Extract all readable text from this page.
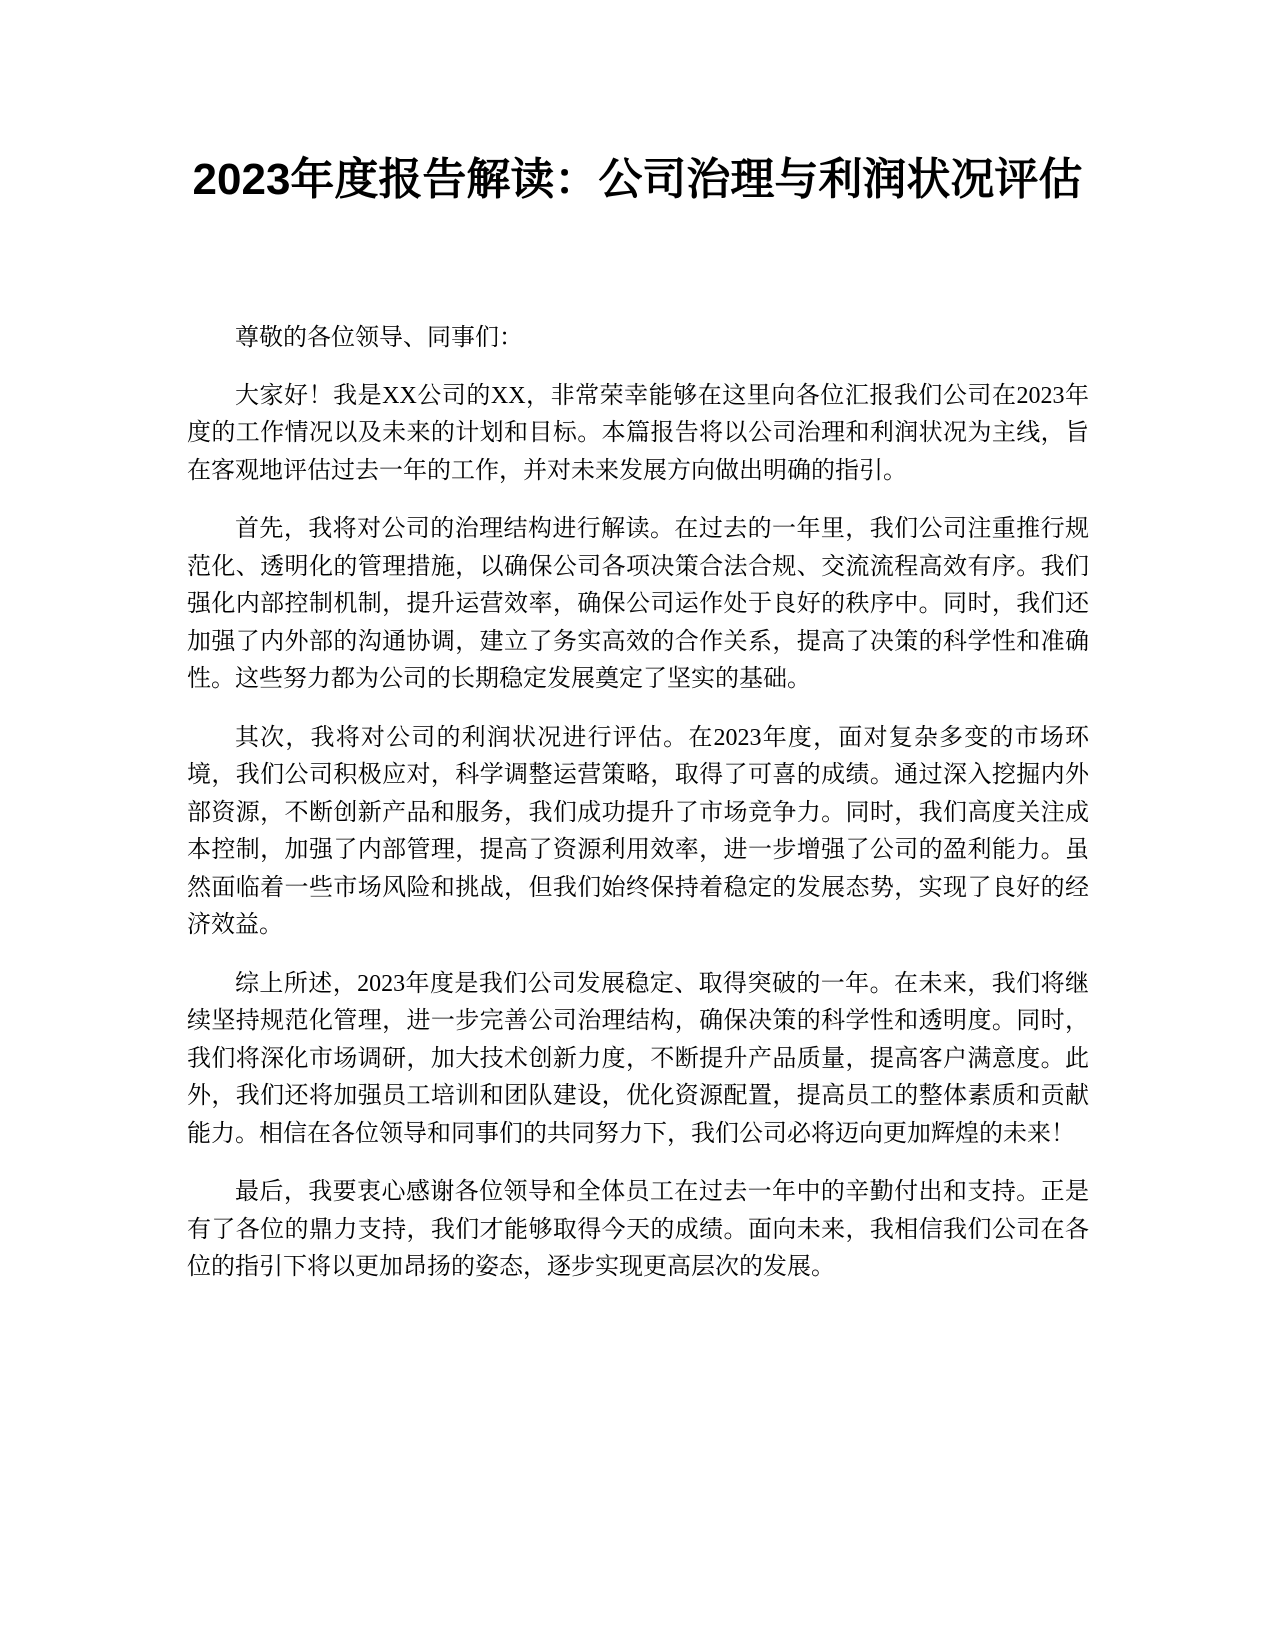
2023年度报告解读：公司治理与利润状况评估

尊敬的各位领导、同事们：

大家好！我是XX公司的XX，非常荣幸能够在这里向各位汇报我们公司在2023年度的工作情况以及未来的计划和目标。本篇报告将以公司治理和利润状况为主线，旨在客观地评估过去一年的工作，并对未来发展方向做出明确的指引。

首先，我将对公司的治理结构进行解读。在过去的一年里，我们公司注重推行规范化、透明化的管理措施，以确保公司各项决策合法合规、交流流程高效有序。我们强化内部控制机制，提升运营效率，确保公司运作处于良好的秩序中。同时，我们还加强了内外部的沟通协调，建立了务实高效的合作关系，提高了决策的科学性和准确性。这些努力都为公司的长期稳定发展奠定了坚实的基础。

其次，我将对公司的利润状况进行评估。在2023年度，面对复杂多变的市场环境，我们公司积极应对，科学调整运营策略，取得了可喜的成绩。通过深入挖掘内外部资源，不断创新产品和服务，我们成功提升了市场竞争力。同时，我们高度关注成本控制，加强了内部管理，提高了资源利用效率，进一步增强了公司的盈利能力。虽然面临着一些市场风险和挑战，但我们始终保持着稳定的发展态势，实现了良好的经济效益。

综上所述，2023年度是我们公司发展稳定、取得突破的一年。在未来，我们将继续坚持规范化管理，进一步完善公司治理结构，确保决策的科学性和透明度。同时，我们将深化市场调研，加大技术创新力度，不断提升产品质量，提高客户满意度。此外，我们还将加强员工培训和团队建设，优化资源配置，提高员工的整体素质和贡献能力。相信在各位领导和同事们的共同努力下，我们公司必将迈向更加辉煌的未来！

最后，我要衷心感谢各位领导和全体员工在过去一年中的辛勤付出和支持。正是有了各位的鼎力支持，我们才能够取得今天的成绩。面向未来，我相信我们公司在各位的指引下将以更加昂扬的姿态，逐步实现更高层次的发展。
